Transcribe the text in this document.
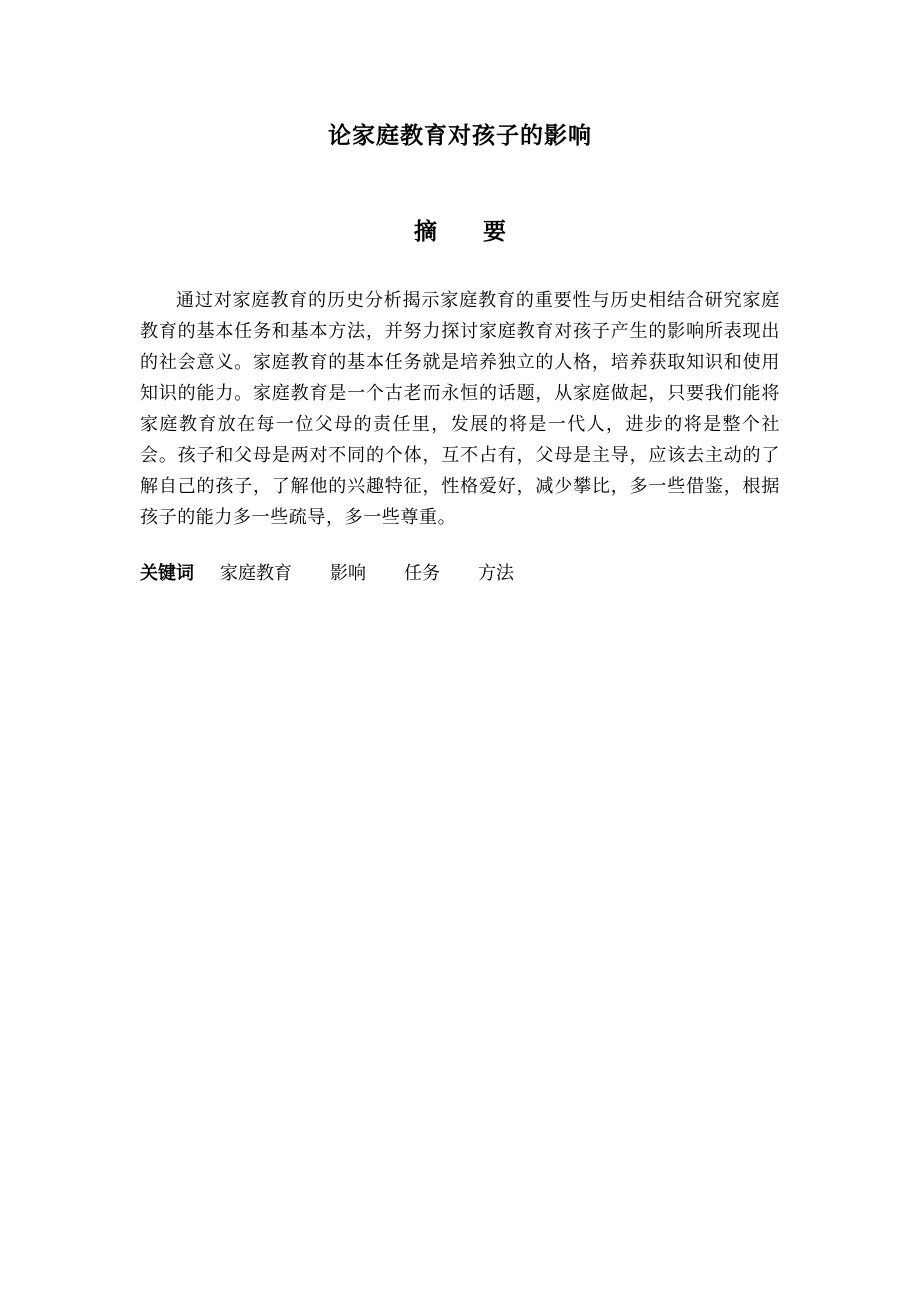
论家庭教育对孩子的影响
摘 要

通过对家庭教育的历史分析揭示家庭教育的重要性与历史相结合研究家庭教育的基本任务和基本方法，并努力探讨家庭教育对孩子产生的影响所表现出的社会意义。家庭教育的基本任务就是培养独立的人格，培养获取知识和使用知识的能力。家庭教育是一个古老而永恒的话题，从家庭做起，只要我们能将家庭教育放在每一位父母的责任里，发展的将是一代人，进步的将是整个社会。孩子和父母是两对不同的个体，互不占有，父母是主导，应该去主动的了解自己的孩子，了解他的兴趣特征，性格爱好，减少攀比，多一些借鉴，根据孩子的能力多一些疏导，多一些尊重。

关键词 家庭教育 影响 任务 方法
